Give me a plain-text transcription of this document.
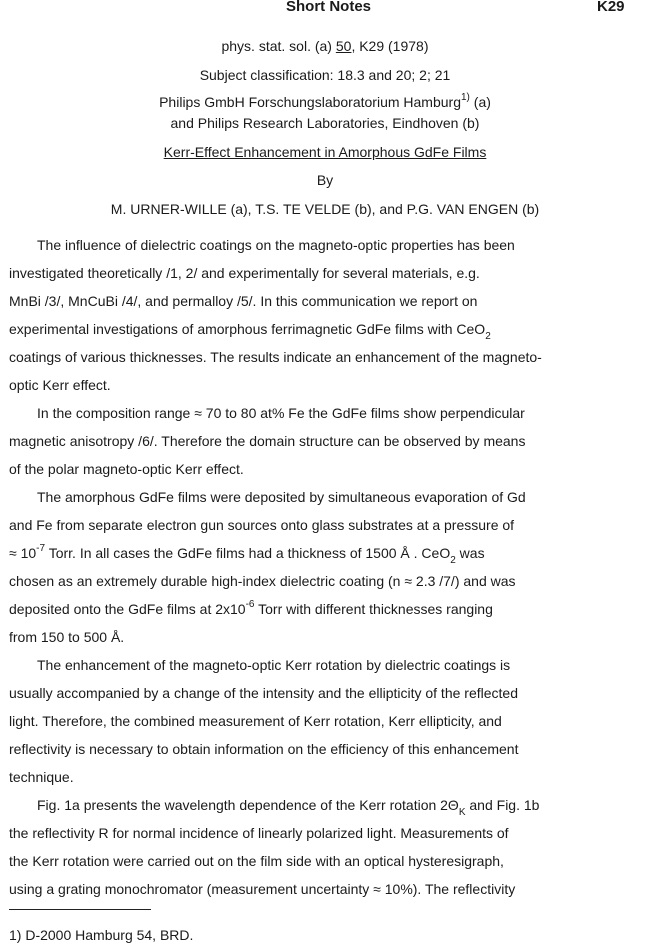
Short Notes	K29
phys. stat. sol. (a) 50, K29 (1978)
Subject classification: 18.3 and 20; 2; 21
Philips GmbH Forschungslaboratorium Hamburg$^{1)}$ (a)
and Philips Research Laboratories, Eindhoven (b)
Kerr-Effect Enhancement in Amorphous GdFe Films
By
M. URNER-WILLE (a), T.S. TE VELDE (b), and P.G. VAN ENGEN (b)
The influence of dielectric coatings on the magneto-optic properties has been
investigated theoretically /1, 2/ and experimentally for several materials, e.g.
MnBi /3/, MnCuBi /4/, and permalloy /5/. In this communication we report on
experimental investigations of amorphous ferrimagnetic GdFe films with CeO$_2$
coatings of various thicknesses. The results indicate an enhancement of the magneto-
optic Kerr effect.
In the composition range ≈ 70 to 80 at% Fe the GdFe films show perpendicular
magnetic anisotropy /6/. Therefore the domain structure can be observed by means
of the polar magneto-optic Kerr effect.
The amorphous GdFe films were deposited by simultaneous evaporation of Gd
and Fe from separate electron gun sources onto glass substrates at a pressure of
≈ $10^{-7}$ Torr. In all cases the GdFe films had a thickness of 1500 Å . CeO$_2$ was
chosen as an extremely durable high-index dielectric coating (n ≈ 2.3 /7/) and was
deposited onto the GdFe films at $2x10^{-6}$ Torr with different thicknesses ranging
from 150 to 500 Å.
The enhancement of the magneto-optic Kerr rotation by dielectric coatings is
usually accompanied by a change of the intensity and the ellipticity of the reflected
light. Therefore, the combined measurement of Kerr rotation, Kerr ellipticity, and
reflectivity is necessary to obtain information on the efficiency of this enhancement
technique.
Fig. 1a presents the wavelength dependence of the Kerr rotation $2\Theta_K$ and Fig. 1b
the reflectivity R for normal incidence of linearly polarized light. Measurements of
the Kerr rotation were carried out on the film side with an optical hysteresigraph,
using a grating monochromator (measurement uncertainty ≈ 10%). The reflectivity
1) D-2000 Hamburg 54, BRD.
